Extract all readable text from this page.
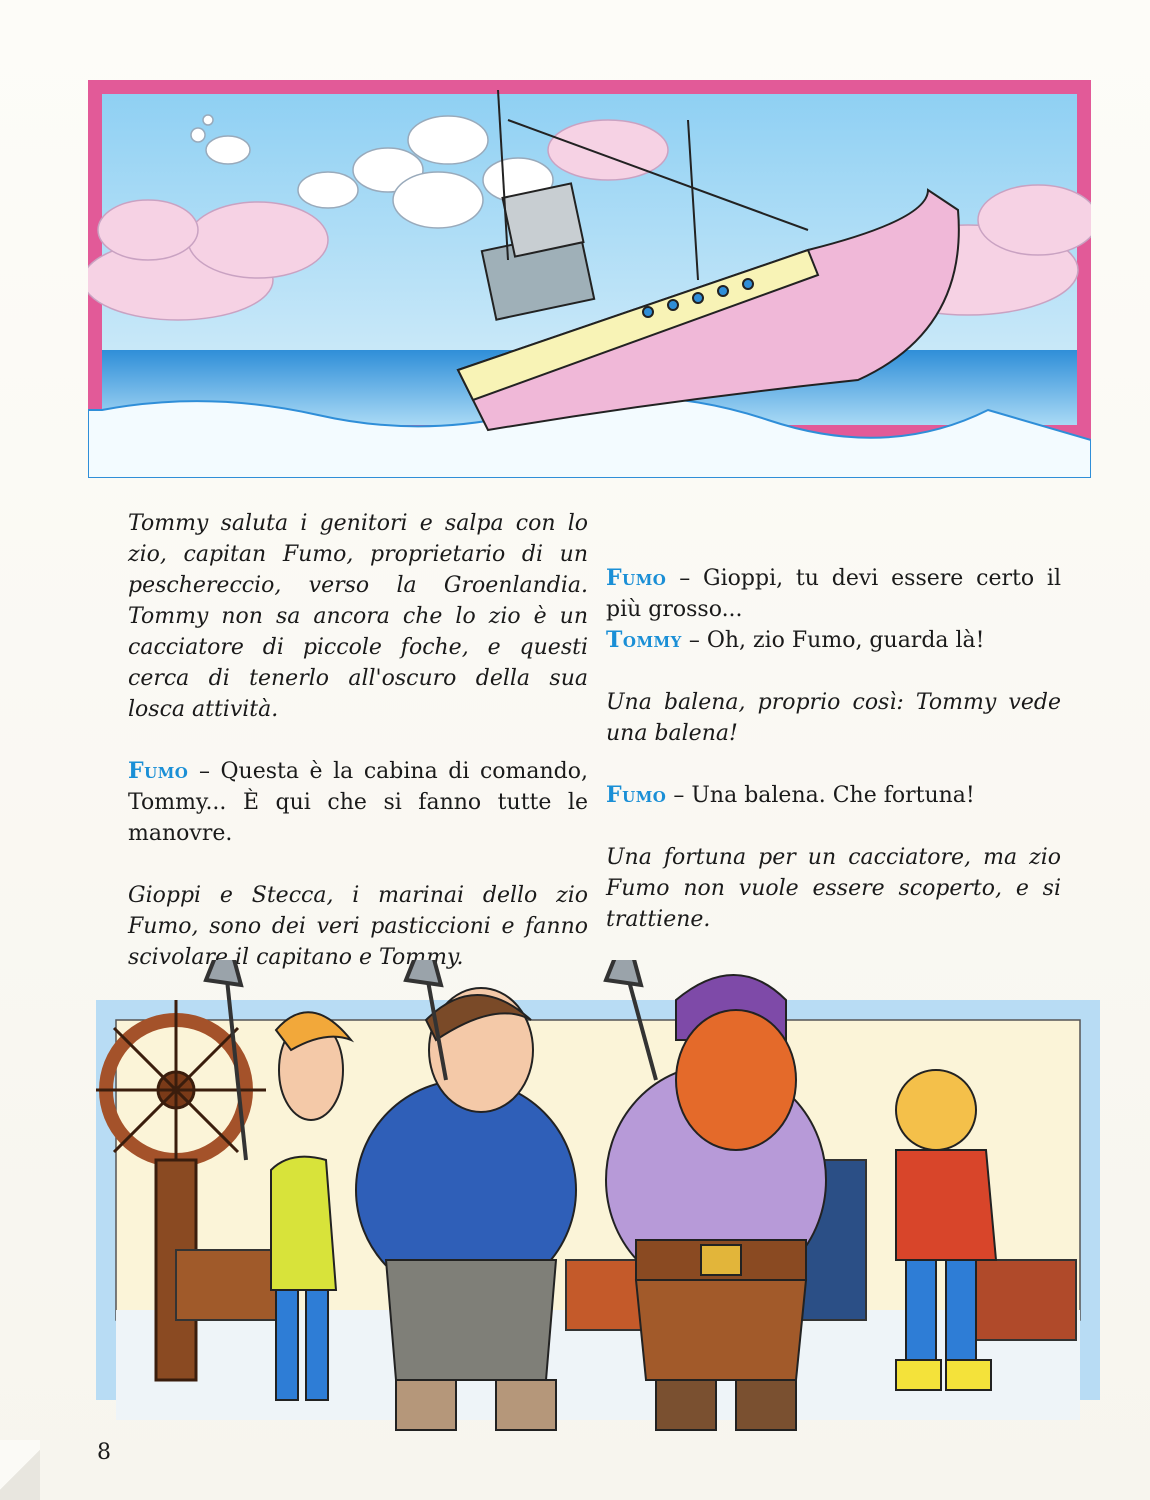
Tommy saluta i genitori e salpa con lo zio, capitan Fumo, proprietario di un peschereccio, verso la Groenlandia. Tommy non sa ancora che lo zio è un cacciatore di piccole foche, e questi cerca di tenerlo all'oscuro della sua losca attività.

Fumo – Questa è la cabina di comando, Tommy... È qui che si fanno tutte le manovre.

Gioppi e Stecca, i marinai dello zio Fumo, sono dei veri pasticcioni e fanno scivolare il capitano e Tommy.

Fumo – Gioppi, tu devi essere certo il più grosso...

Tommy – Oh, zio Fumo, guarda là!

Una balena, proprio così: Tommy vede una balena!

Fumo – Una balena. Che fortuna!

Una fortuna per un cacciatore, ma zio Fumo non vuole essere scoperto, e si trattiene.

8
